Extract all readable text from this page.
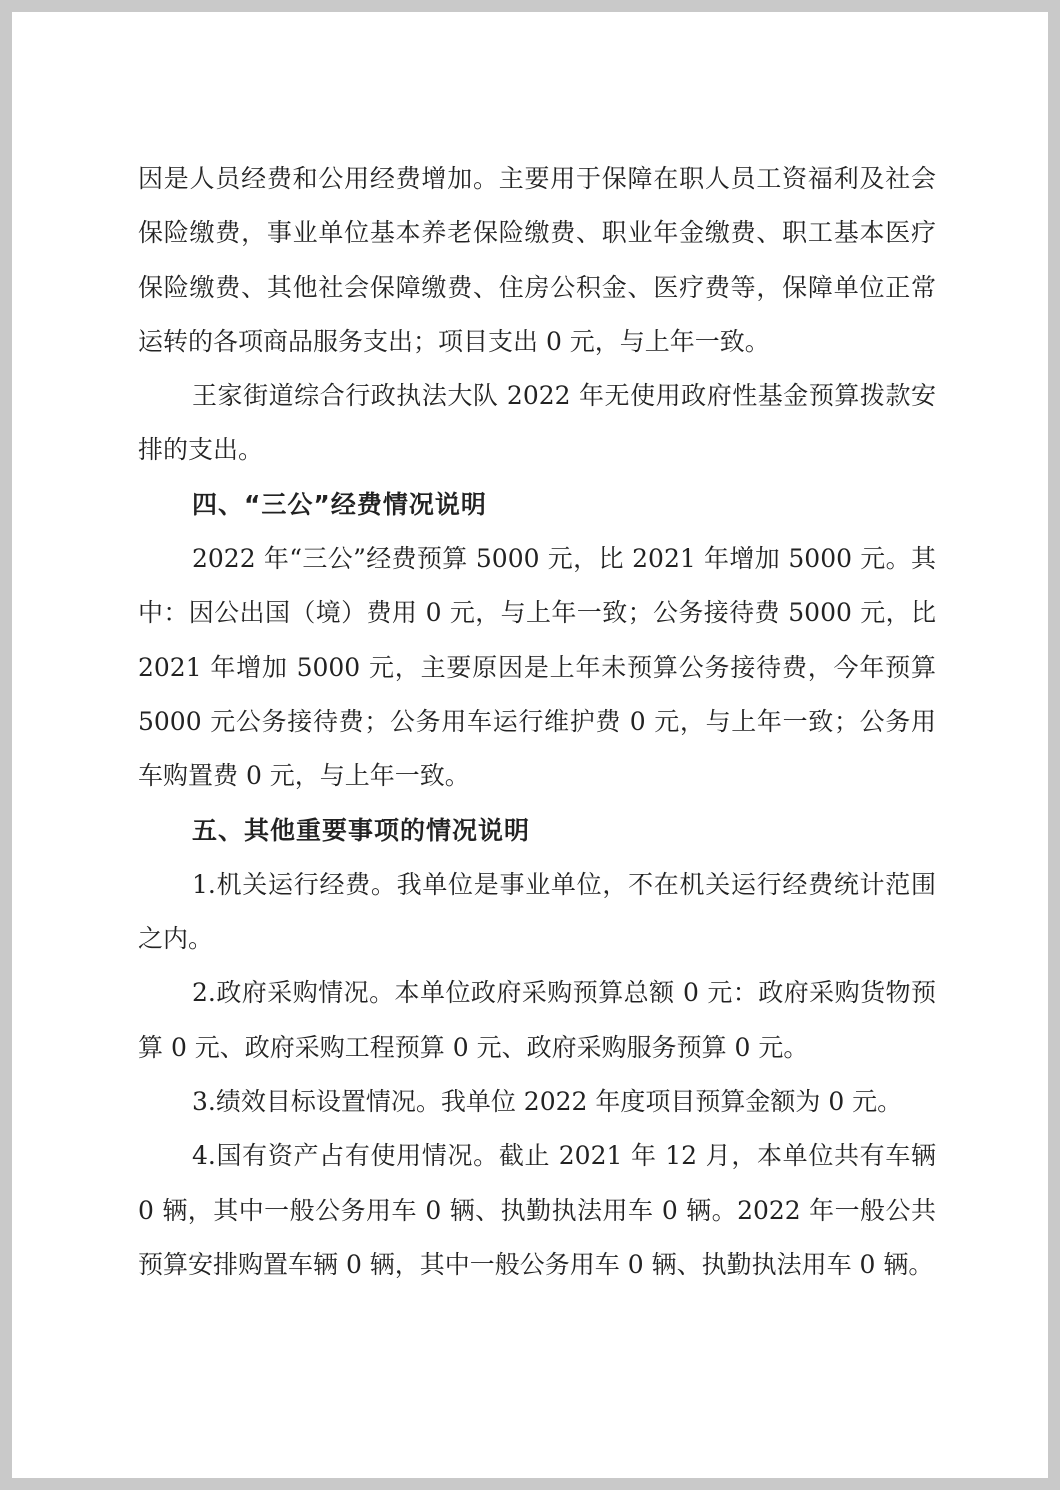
因是人员经费和公用经费增加。主要用于保障在职人员工资福利及社会保险缴费，事业单位基本养老保险缴费、职业年金缴费、职工基本医疗保险缴费、其他社会保障缴费、住房公积金、医疗费等，保障单位正常运转的各项商品服务支出；项目支出 0 元，与上年一致。

王家街道综合行政执法大队 2022 年无使用政府性基金预算拨款安排的支出。

四、“三公”经费情况说明

2022 年“三公”经费预算 5000 元，比 2021 年增加 5000 元。其中：因公出国（境）费用 0 元，与上年一致；公务接待费 5000 元，比 2021 年增加 5000 元，主要原因是上年未预算公务接待费，今年预算 5000 元公务接待费；公务用车运行维护费 0 元，与上年一致；公务用车购置费 0 元，与上年一致。

五、其他重要事项的情况说明

1.机关运行经费。我单位是事业单位，不在机关运行经费统计范围之内。

2.政府采购情况。本单位政府采购预算总额 0 元：政府采购货物预算 0 元、政府采购工程预算 0 元、政府采购服务预算 0 元。

3.绩效目标设置情况。我单位 2022 年度项目预算金额为 0 元。

4.国有资产占有使用情况。截止 2021 年 12 月，本单位共有车辆 0 辆，其中一般公务用车 0 辆、执勤执法用车 0 辆。2022 年一般公共预算安排购置车辆 0 辆，其中一般公务用车 0 辆、执勤执法用车 0 辆。
